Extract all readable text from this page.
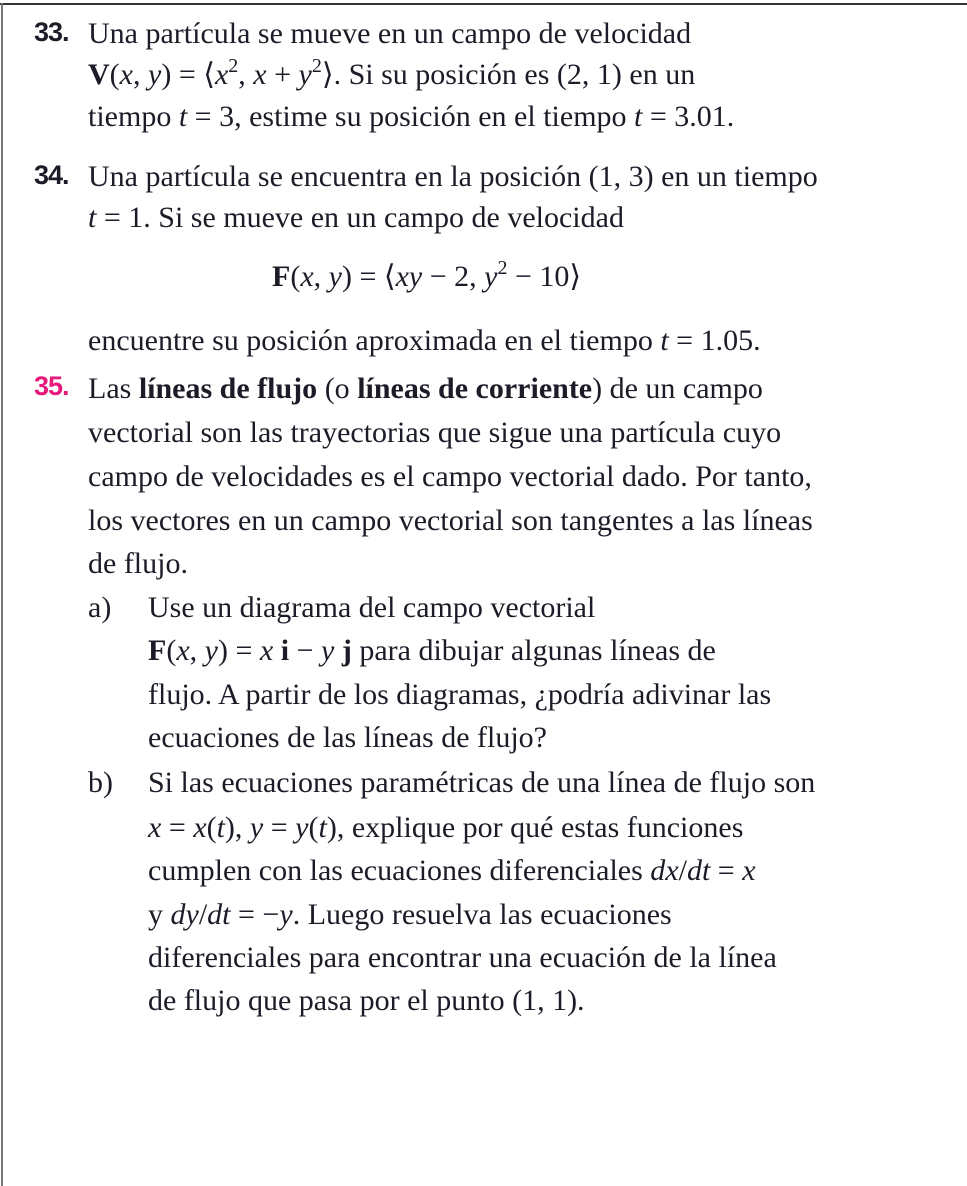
33.
34.
35.
a)
b)
Una partícula se mueve en un campo de velocidad
V(x, $y) = ⟨x^2$, $x + y^2⟩$. Si su posición es (2, 1) en un
tiempo t = 3, estime su posición en el tiempo t = 3.01.
Una partícula se encuentra en la posición (1, 3) en un tiempo
t = 1. Si se mueve en un campo de velocidad
F(x, y) = ⟨xy − 2, $y^2$ − 10⟩
encuentre su posición aproximada en el tiempo t = 1.05.
Las líneas de flujo (o líneas de corriente) de un campo
vectorial son las trayectorias que sigue una partícula cuyo
campo de velocidades es el campo vectorial dado. Por tanto,
los vectores en un campo vectorial son tangentes a las líneas
de flujo.
Use un diagrama del campo vectorial
F(x, y) = x i − y j para dibujar algunas líneas de
flujo. A partir de los diagramas, ¿podría adivinar las
ecuaciones de las líneas de flujo?
Si las ecuaciones paramétricas de una línea de flujo son
x = x(t), y = y(t), explique por qué estas funciones
cumplen con las ecuaciones diferenciales dx/dt = x
y dy/dt = −y. Luego resuelva las ecuaciones
diferenciales para encontrar una ecuación de la línea
de flujo que pasa por el punto (1, 1).
